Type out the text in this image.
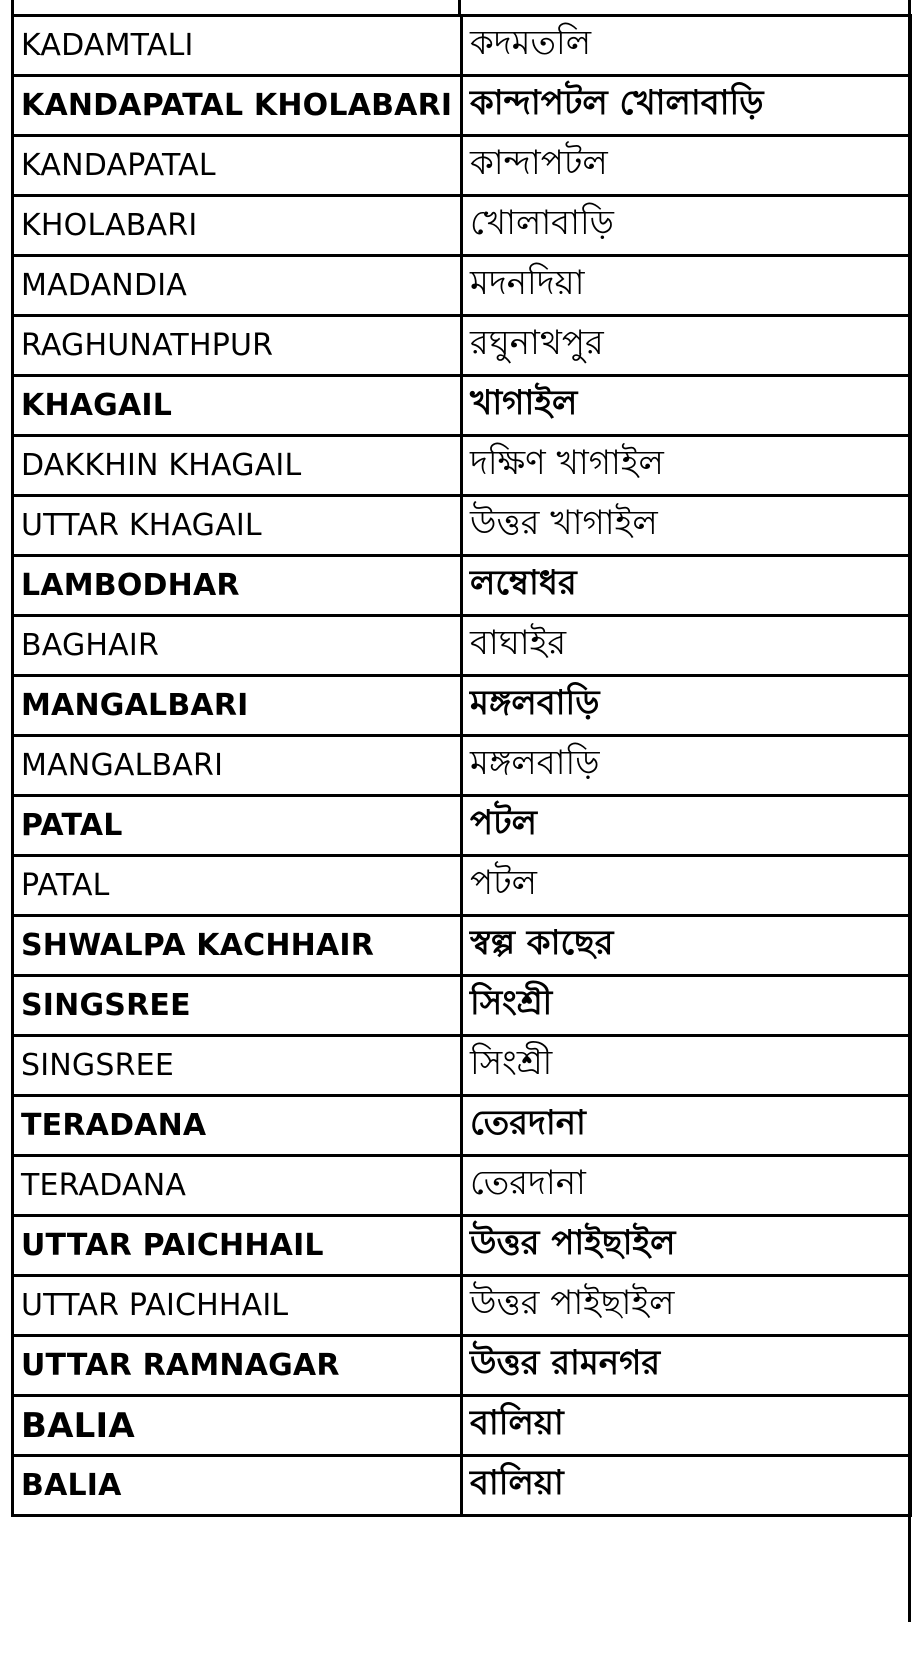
KADAMTALI	কদমতলি
KANDAPATAL KHOLABARI	কান্দাপটল খোলাবাড়ি
KANDAPATAL	কান্দাপটল
KHOLABARI	খোলাবাড়ি
MADANDIA	মদনদিয়া
RAGHUNATHPUR	রঘুনাথপুর
KHAGAIL	খাগাইল
DAKKHIN KHAGAIL	দক্ষিণ খাগাইল
UTTAR KHAGAIL	উত্তর খাগাইল
LAMBODHAR	লম্বোধর
BAGHAIR	বাঘাইর
MANGALBARI	মঙ্গলবাড়ি
MANGALBARI	মঙ্গলবাড়ি
PATAL	পটল
PATAL	পটল
SHWALPA KACHHAIR	স্বল্প কাছের
SINGSREE	সিংশ্রী
SINGSREE	সিংশ্রী
TERADANA	তেরদানা
TERADANA	তেরদানা
UTTAR PAICHHAIL	উত্তর পাইছাইল
UTTAR PAICHHAIL	উত্তর পাইছাইল
UTTAR RAMNAGAR	উত্তর রামনগর
BALIA	বালিয়া
BALIA	বালিয়া
